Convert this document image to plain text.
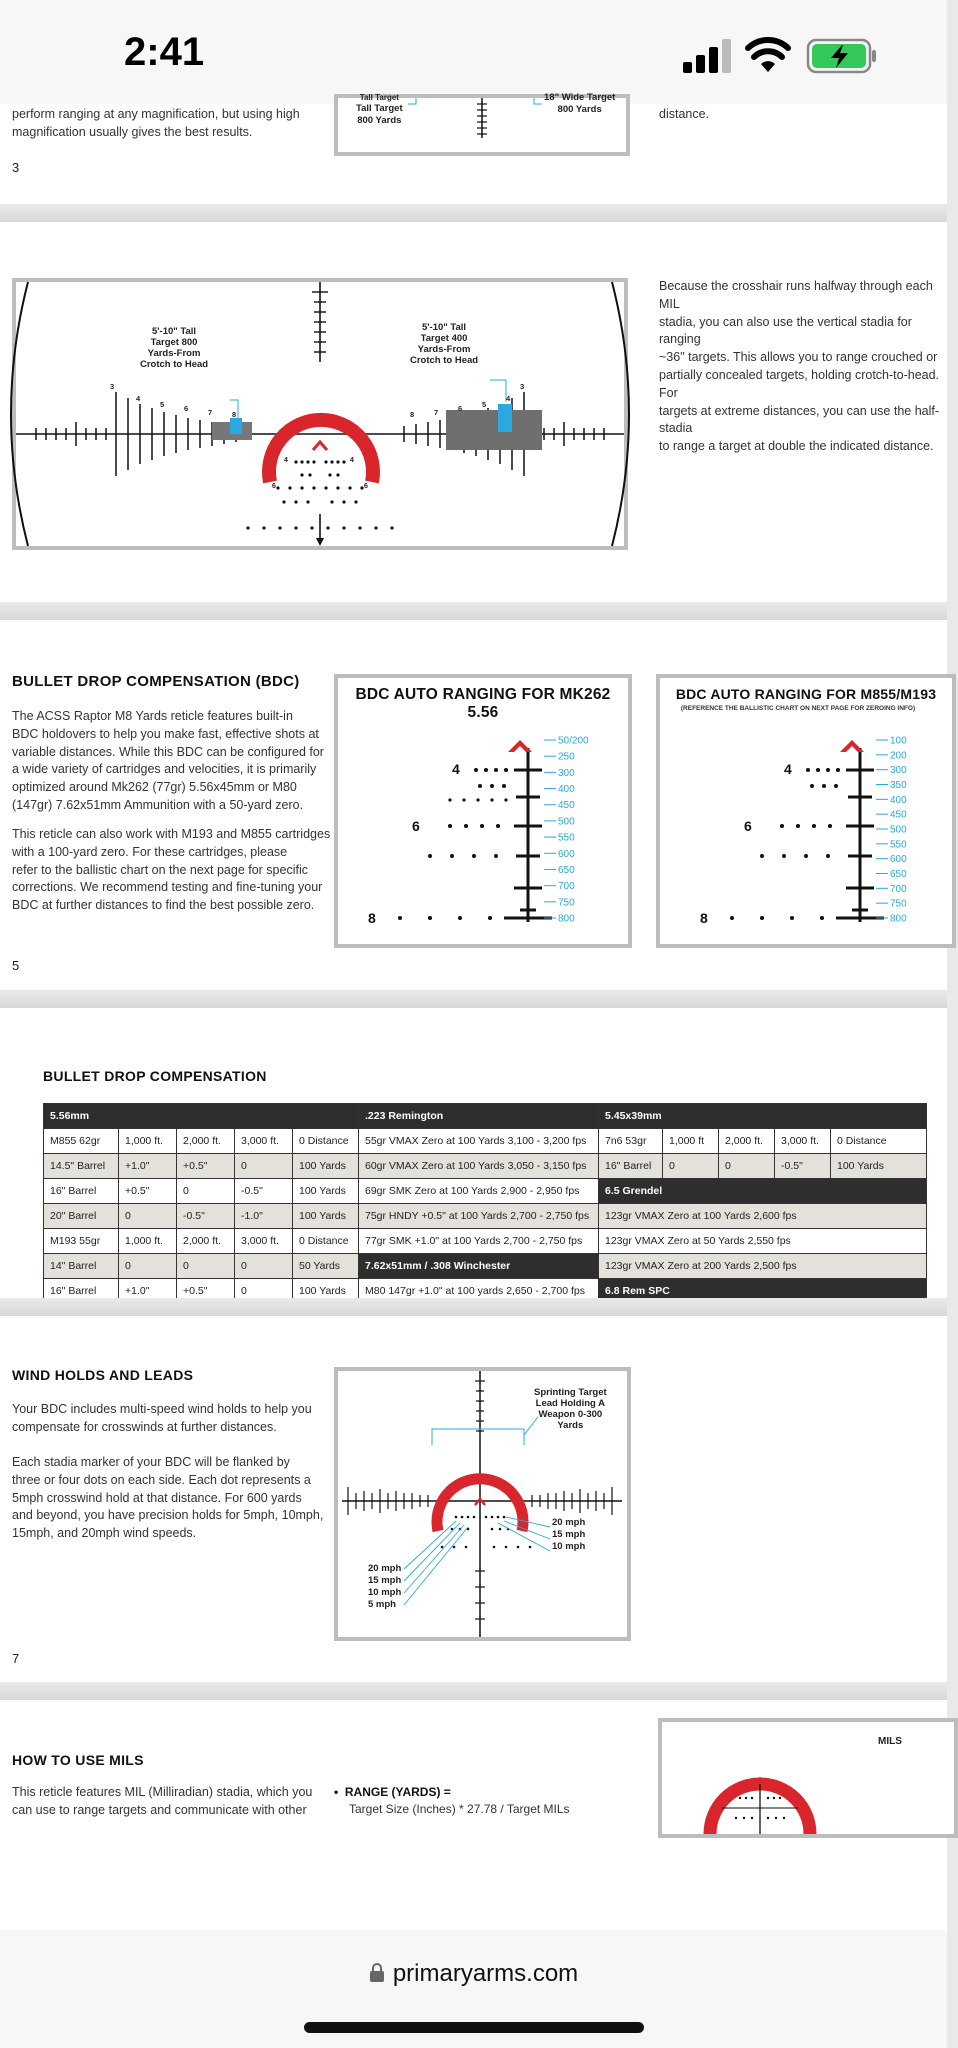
2:41
perform ranging at any magnification, but using high
magnification usually gives the best results.
3
Tall Target
Tall Target
800 Yards
18" Wide Target
800 Yards	distance.
5'-10" Tall
Target 800
Yards-From
Crotch to Head
5'-10" Tall
Target 400
Yards-From
Crotch to Head
3
4
5	6	7	8
3
4
5
6
7
8
4	4
6	6
Because the crosshair runs halfway through each MIL
stadia, you can also use the vertical stadia for ranging
~36" targets. This allows you to range crouched or
partially concealed targets, holding crotch-to-head. For
targets at extreme distances, you can use the half-stadia
to range a target at double the indicated distance.
BULLET DROP COMPENSATION (BDC)
The ACSS Raptor M8 Yards reticle features built-in
BDC holdovers to help you make fast, effective shots at
variable distances. While this BDC can be configured for
a wide variety of cartridges and velocities, it is primarily
optimized around Mk262 (77gr) 5.56x45mm or M80
(147gr) 7.62x51mm Ammunition with a 50-yard zero.
This reticle can also work with M193 and M855 cartridges
with a 100-yard zero. For these cartridges, please
refer to the ballistic chart on the next page for specific
corrections. We recommend testing and fine-tuning your
BDC at further distances to find the best possible zero.
5
BDC AUTO RANGING FOR MK262 5.56
50/200
250
300
400
450
500
550
600
650
700
750
800
4
6
8
BDC AUTO RANGING FOR M855/M193
(REFERENCE THE BALLISTIC CHART ON NEXT PAGE FOR ZEROING INFO)
100
200
300
350
400
450
500
550
600
650
700
750
800
4
6
8
BULLET DROP COMPENSATION
5.56mm					.223 Remington	5.45x39mm				
M855 62gr	1,000 ft.	2,000 ft.	3,000 ft.	0 Distance	55gr VMAX Zero at 100 Yards 3,100 - 3,200 fps	7n6 53gr	1,000 ft	2,000 ft.	3,000 ft.	0 Distance
14.5" Barrel	+1.0"	+0.5"	0	100 Yards	60gr VMAX Zero at 100 Yards 3,050 - 3,150 fps	16" Barrel	0	0	-0.5"	100 Yards
16" Barrel	+0.5"	0	-0.5"	100 Yards	69gr SMK Zero at 100 Yards 2,900 - 2,950 fps	6.5 Grendel				
20" Barrel	0	-0.5"	-1.0"	100 Yards	75gr HNDY +0.5" at 100 Yards 2,700 - 2,750 fps	123gr VMAX Zero at 100 Yards 2,600 fps				
M193 55gr	1,000 ft.	2,000 ft.	3,000 ft.	0 Distance	77gr SMK +1.0" at 100 Yards 2,700 - 2,750 fps	123gr VMAX Zero at 50 Yards 2,550 fps				
14" Barrel	0	0	0	50 Yards	7.62x51mm / .308 Winchester	123gr VMAX Zero at 200 Yards 2,500 fps				
16" Barrel	+1.0"	+0.5"	0	100 Yards	M80 147gr +1.0" at 100 yards 2,650 - 2,700 fps	6.8 Rem SPC				

WIND HOLDS AND LEADS
Your BDC includes multi-speed wind holds to help you
compensate for crosswinds at further distances.
Each stadia marker of your BDC will be flanked by
three or four dots on each side. Each dot represents a
5mph crosswind hold at that distance. For 600 yards
and beyond, you have precision holds for 5mph, 10mph,
15mph, and 20mph wind speeds.
7
Sprinting Target
Lead Holding A
Weapon 0-300
Yards
20 mph
15 mph
10 mph
20 mph
15 mph
10 mph
5 mph
HOW TO USE MILS
This reticle features MIL (Milliradian) stadia, which you
can use to range targets and communicate with other
•  RANGE (YARDS) =
Target Size (Inches) * 27.78 / Target MILs
MILS
primaryarms.com
